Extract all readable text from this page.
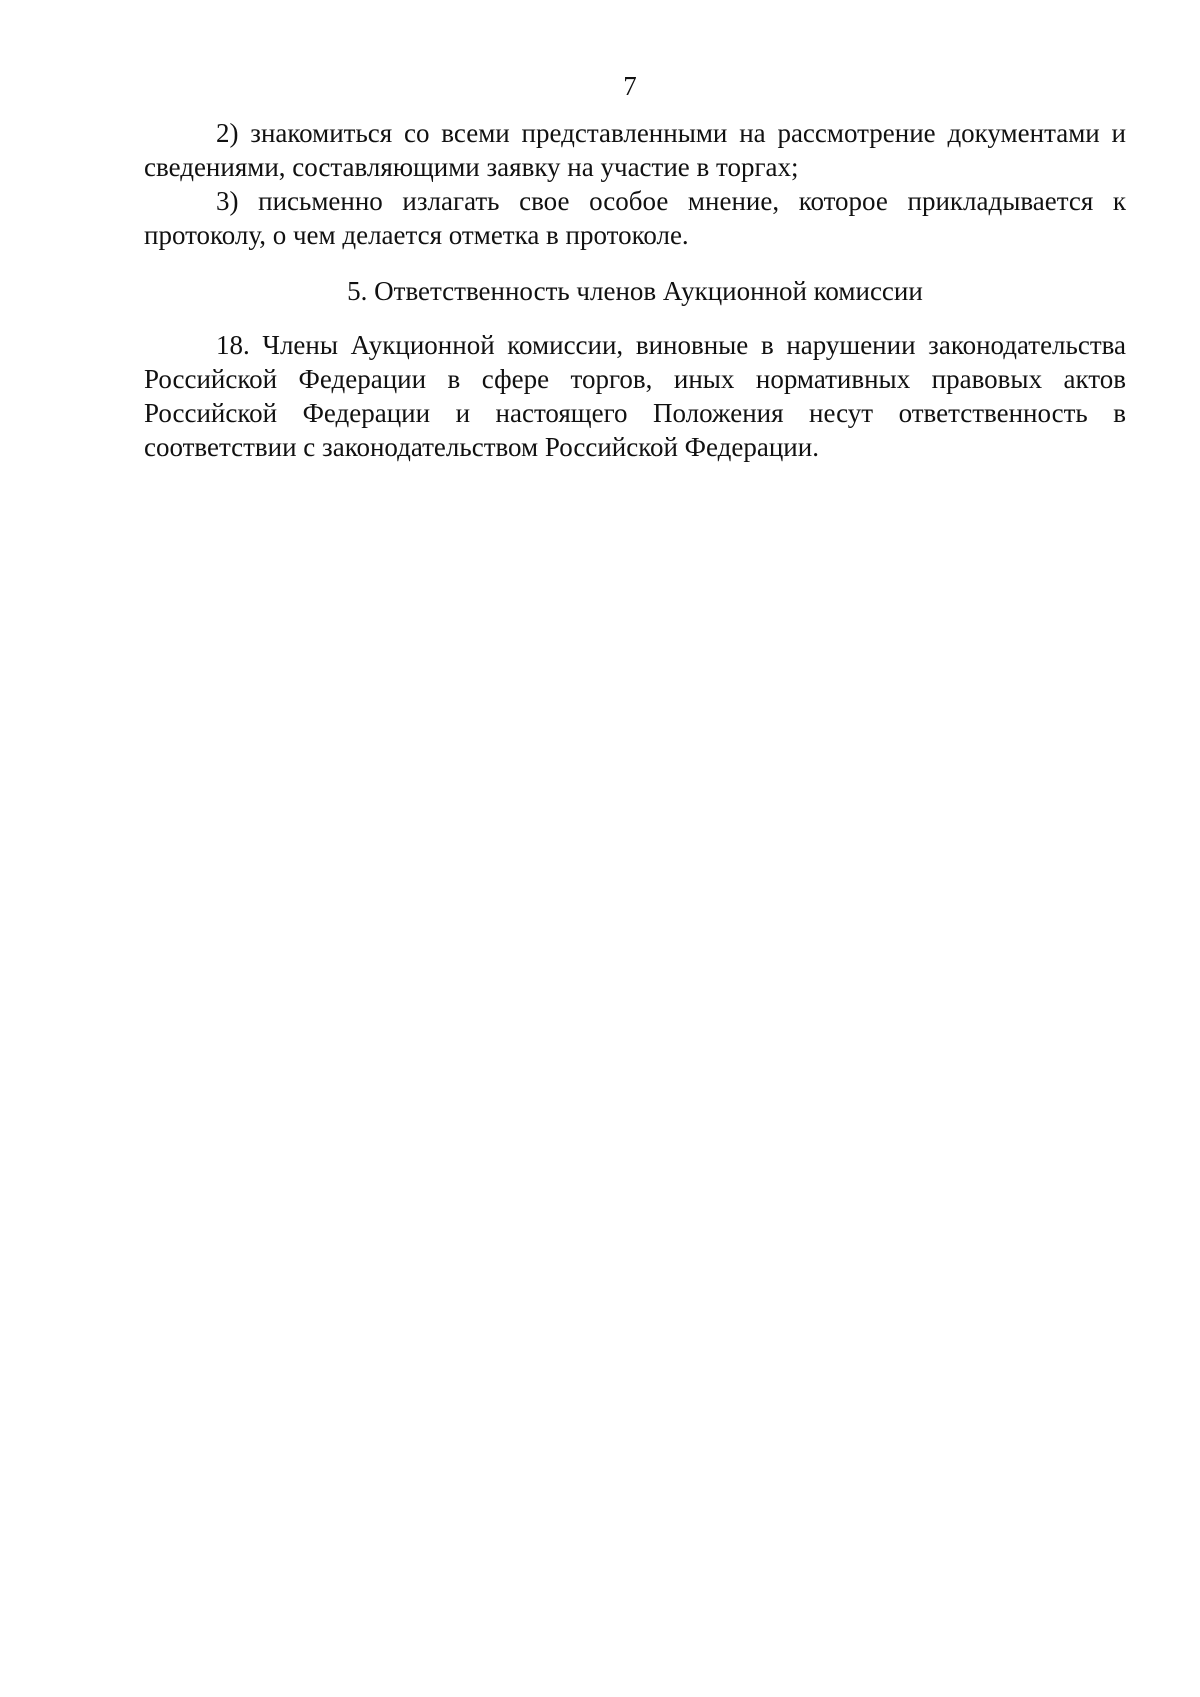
7

2) знакомиться со всеми представленными на рассмотрение документами и сведениями, составляющими заявку на участие в торгах;

3) письменно излагать свое особое мнение, которое прикладывается к протоколу, о чем делается отметка в протоколе.

5. Ответственность членов Аукционной комиссии

18. Члены Аукционной комиссии, виновные в нарушении законодательства Российской Федерации в сфере торгов, иных нормативных правовых актов Российской Федерации и настоящего Положения несут ответственность в соответствии с законодательством Российской Федерации.
